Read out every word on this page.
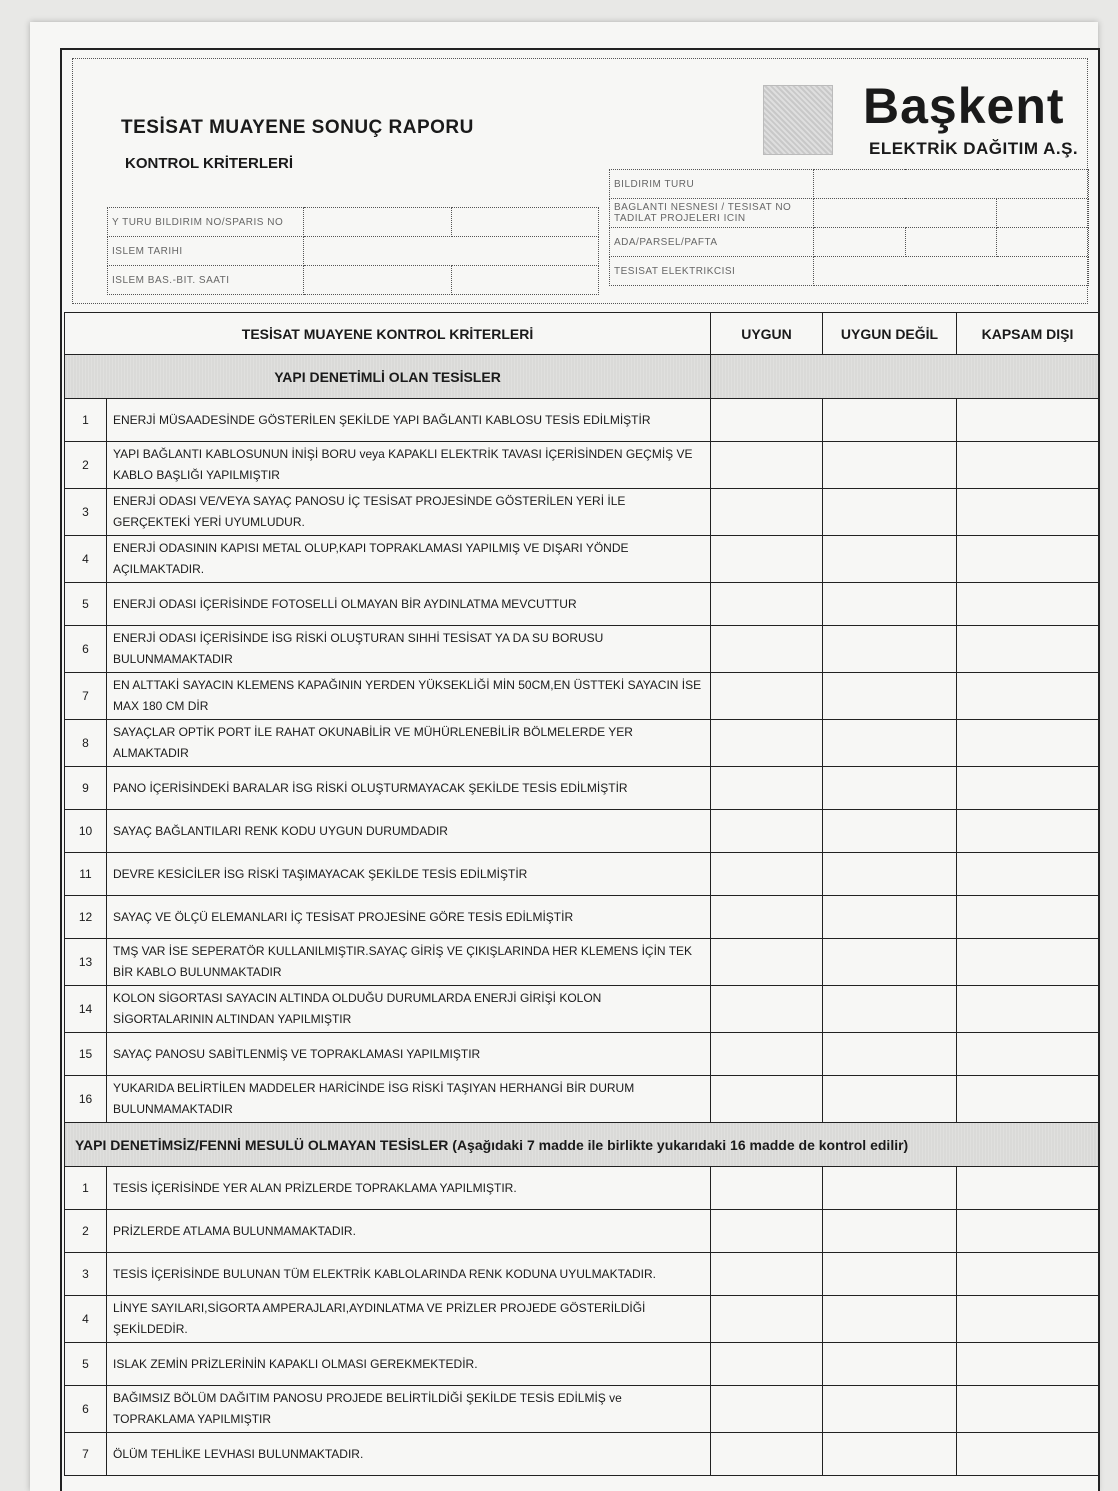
TESİSAT MUAYENE SONUÇ RAPORU
KONTROL KRİTERLERİ
Başkent
ELEKTRİK DAĞITIM A.Ş.
Y TURU BILDIRIM NO/SPARIS NO		
ISLEM TARIHI		
ISLEM BAS.-BIT. SAATI		
BILDIRIM TURU			
BAGLANTI NESNESI / TESISAT NO TADILAT PROJELERI ICIN			
ADA/PARSEL/PAFTA			
TESISAT ELEKTRIKCISI			
TESİSAT MUAYENE KONTROL KRİTERLERİ		UYGUN	UYGUN DEĞİL	KAPSAM DIŞI
YAPI DENETİMLİ OLAN TESİSLER				
1	ENERJİ MÜSAADESİNDE GÖSTERİLEN ŞEKİLDE YAPI BAĞLANTI KABLOSU TESİS EDİLMİŞTİR			
2	YAPI BAĞLANTI KABLOSUNUN İNİŞİ BORU veya KAPAKLI ELEKTRİK TAVASI İÇERİSİNDEN GEÇMİŞ VE KABLO BAŞLIĞI YAPILMIŞTIR			
3	ENERJİ ODASI VE/VEYA SAYAÇ PANOSU İÇ TESİSAT PROJESİNDE GÖSTERİLEN YERİ İLE GERÇEKTEKİ YERİ UYUMLUDUR.			
4	ENERJİ ODASININ KAPISI METAL OLUP,KAPI TOPRAKLAMASI YAPILMIŞ VE DIŞARI YÖNDE AÇILMAKTADIR.			
5	ENERJİ ODASI İÇERİSİNDE FOTOSELLİ OLMAYAN BİR AYDINLATMA MEVCUTTUR			
6	ENERJİ ODASI İÇERİSİNDE İSG RİSKİ OLUŞTURAN SIHHİ TESİSAT YA DA SU BORUSU BULUNMAMAKTADIR			
7	EN ALTTAKİ SAYACIN KLEMENS KAPAĞININ YERDEN YÜKSEKLİĞİ MİN 50CM,EN ÜSTTEKİ SAYACIN İSE MAX 180 CM DİR			
8	SAYAÇLAR OPTİK PORT İLE RAHAT OKUNABİLİR VE MÜHÜRLENEBİLİR BÖLMELERDE YER ALMAKTADIR			
9	PANO İÇERİSİNDEKİ BARALAR İSG RİSKİ OLUŞTURMAYACAK ŞEKİLDE TESİS EDİLMİŞTİR			
10	SAYAÇ BAĞLANTILARI RENK KODU UYGUN DURUMDADIR			
11	DEVRE KESİCİLER İSG RİSKİ TAŞIMAYACAK ŞEKİLDE TESİS EDİLMİŞTİR			
12	SAYAÇ VE ÖLÇÜ ELEMANLARI İÇ TESİSAT PROJESİNE GÖRE TESİS EDİLMİŞTİR			
13	TMŞ VAR İSE SEPERATÖR KULLANILMIŞTIR.SAYAÇ GİRİŞ VE ÇIKIŞLARINDA HER KLEMENS İÇİN TEK BİR KABLO BULUNMAKTADIR			
14	KOLON SİGORTASI SAYACIN ALTINDA OLDUĞU DURUMLARDA ENERJİ GİRİŞİ KOLON SİGORTALARININ ALTINDAN YAPILMIŞTIR			
15	SAYAÇ PANOSU SABİTLENMİŞ VE TOPRAKLAMASI YAPILMIŞTIR			
16	YUKARIDA BELİRTİLEN MADDELER HARİCİNDE İSG RİSKİ TAŞIYAN HERHANGİ BİR DURUM BULUNMAMAKTADIR			
YAPI DENETİMSİZ/FENNİ MESULÜ OLMAYAN TESİSLER (Aşağıdaki 7 madde ile birlikte yukarıdaki 16 madde de kontrol edilir)				
1	TESİS İÇERİSİNDE YER ALAN PRİZLERDE TOPRAKLAMA YAPILMIŞTIR.			
2	PRİZLERDE ATLAMA BULUNMAMAKTADIR.			
3	TESİS İÇERİSİNDE BULUNAN TÜM ELEKTRİK KABLOLARINDA RENK KODUNA UYULMAKTADIR.			
4	LİNYE SAYILARI,SİGORTA AMPERAJLARI,AYDINLATMA VE PRİZLER PROJEDE GÖSTERİLDİĞİ ŞEKİLDEDİR.			
5	ISLAK ZEMİN PRİZLERİNİN KAPAKLI OLMASI GEREKMEKTEDİR.			
6	BAĞIMSIZ BÖLÜM DAĞITIM PANOSU PROJEDE BELİRTİLDİĞİ ŞEKİLDE TESİS EDİLMİŞ ve TOPRAKLAMA YAPILMIŞTIR			
7	ÖLÜM TEHLİKE LEVHASI BULUNMAKTADIR.			
